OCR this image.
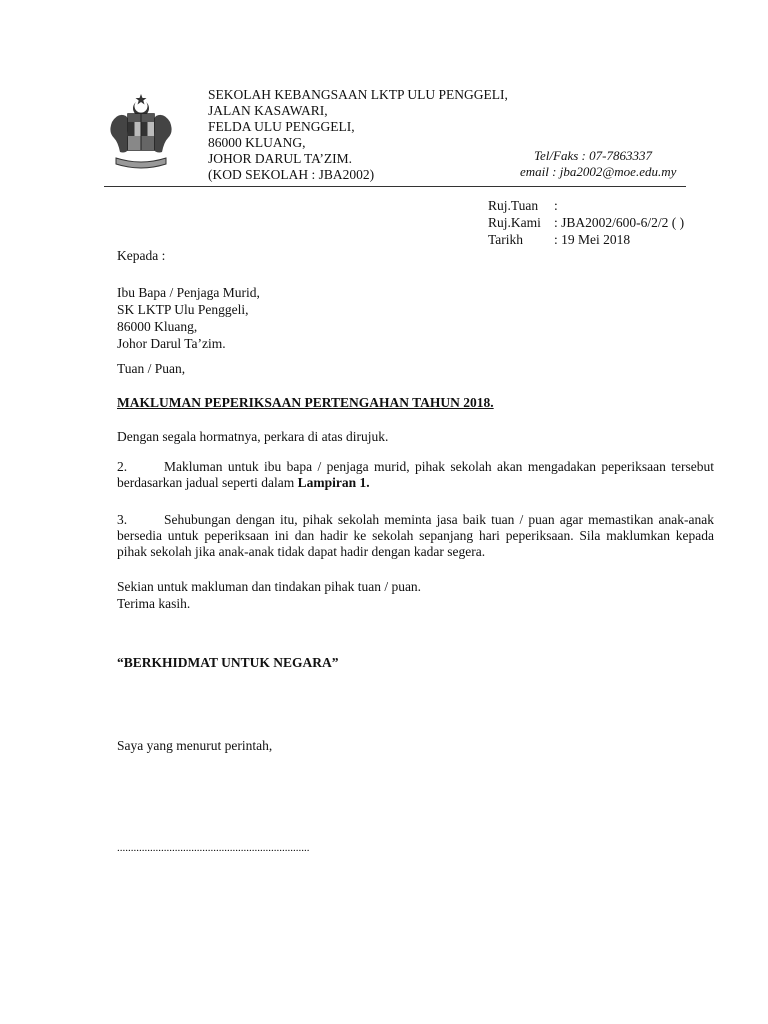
SEKOLAH KEBANGSAAN LKTP ULU PENGGELI,
JALAN KASAWARI,
FELDA ULU PENGGELI,
86000 KLUANG,
JOHOR DARUL TA’ZIM.
(KOD SEKOLAH : JBA2002)
Tel/Faks : 07-7863337
email : jba2002@moe.edu.my
Ruj.Tuan :
Ruj.Kami : JBA2002/600-6/2/2 ( )
Tarikh : 19 Mei 2018
Kepada :
Ibu Bapa / Penjaga Murid,
SK LKTP Ulu Penggeli,
86000 Kluang,
Johor Darul Ta’zim.
Tuan / Puan,
MAKLUMAN PEPERIKSAAN PERTENGAHAN TAHUN 2018.
Dengan segala hormatnya, perkara di atas dirujuk.
2.	Makluman untuk ibu bapa / penjaga murid, pihak sekolah akan mengadakan peperiksaan tersebut berdasarkan jadual seperti dalam Lampiran 1.
3.	Sehubungan dengan itu, pihak sekolah meminta jasa baik tuan / puan agar memastikan anak-anak bersedia untuk peperiksaan ini dan hadir ke sekolah sepanjang hari peperiksaan. Sila maklumkan kepada pihak sekolah jika anak-anak tidak dapat hadir dengan kadar segera.
Sekian untuk makluman dan tindakan pihak tuan / puan.
Terima kasih.
“BERKHIDMAT UNTUK NEGARA”
Saya yang menurut perintah,
......................................................................
